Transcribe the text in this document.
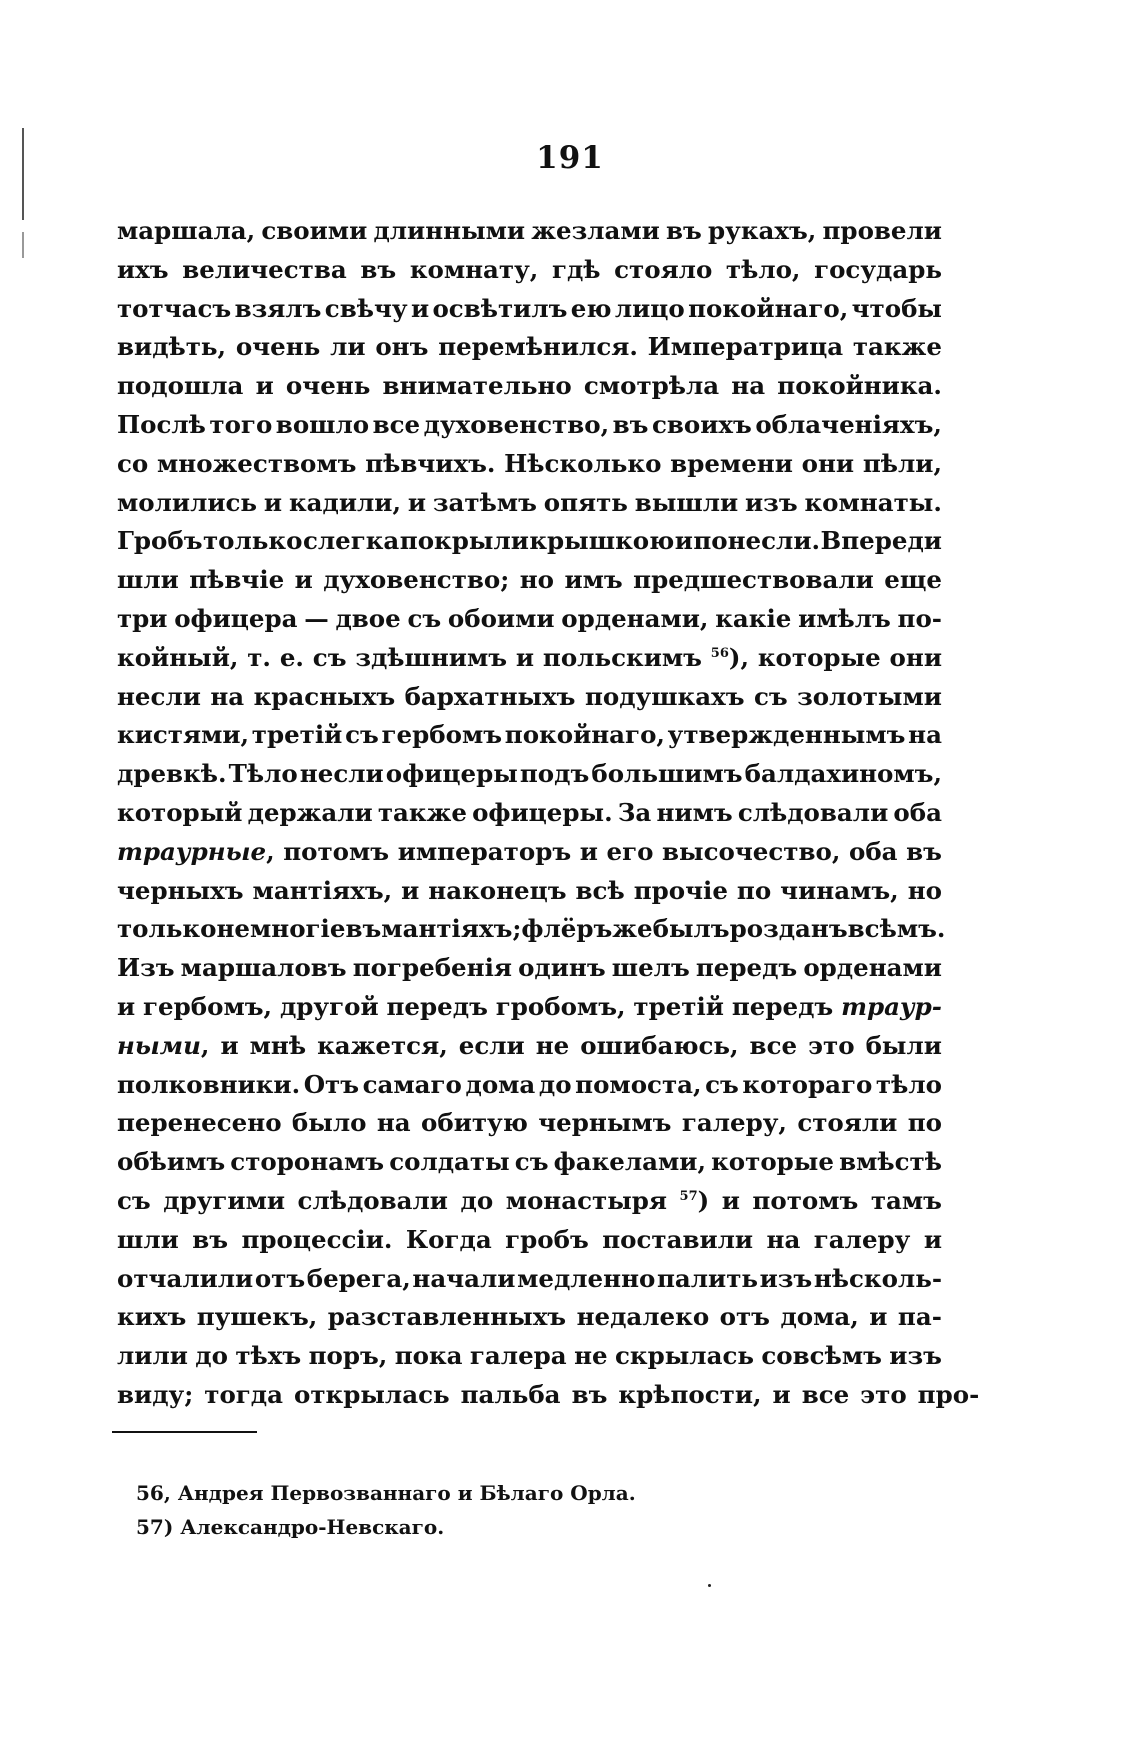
191
маршала, своими длинными жезлами въ рукахъ, провели
ихъ величества въ комнату, гдѣ стояло тѣло, государь
тотчасъ взялъ свѣчу и освѣтилъ ею лицо покойнаго, чтобы
видѣть, очень ли онъ перемѣнился. Императрица также
подошла и очень внимательно смотрѣла на покойника.
Послѣ того вошло все духовенство, въ своихъ облаченіяхъ,
со множествомъ пѣвчихъ. Нѣсколько времени они пѣли,
молились и кадили, и затѣмъ опять вышли изъ комнаты.
Гробъ только слегка покрыли крышкою и понесли. Впереди
шли пѣвчіе и духовенство; но имъ предшествовали еще
три офицера — двое съ обоими орденами, какіе имѣлъ по-
койный, т. е. съ здѣшнимъ и польскимъ $^{56}$), которые они
несли на красныхъ бархатныхъ подушкахъ съ золотыми
кистями, третій съ гербомъ покойнаго, утвержденнымъ на
древкѣ. Тѣло несли офицеры подъ большимъ балдахиномъ,
который держали также офицеры. За нимъ слѣдовали оба
траурные, потомъ императоръ и его высочество, оба въ
черныхъ мантіяхъ, и наконецъ всѣ прочіе по чинамъ, но
только немногіе въ мантіяхъ; флёръ же былъ розданъ всѣмъ.
Изъ маршаловъ погребенія одинъ шелъ передъ орденами
и гербомъ, другой передъ гробомъ, третій передъ траур-
ными, и мнѣ кажется, если не ошибаюсь, все это были
полковники. Отъ самаго дома до помоста, съ котораго тѣло
перенесено было на обитую чернымъ галеру, стояли по
обѣимъ сторонамъ солдаты съ факелами, которые вмѣстѣ
съ другими слѣдовали до монастыря $^{57}$) и потомъ тамъ
шли въ процессіи. Когда гробъ поставили на галеру и
отчалили отъ берега, начали медленно палить изъ нѣсколь-
кихъ пушекъ, разставленныхъ недалеко отъ дома, и па-
лили до тѣхъ поръ, пока галера не скрылась совсѣмъ изъ
виду; тогда открылась пальба въ крѣпости, и все это про-
56, Андрея Первозваннаго и Бѣлаго Орла.
57) Александро-Невскаго.
